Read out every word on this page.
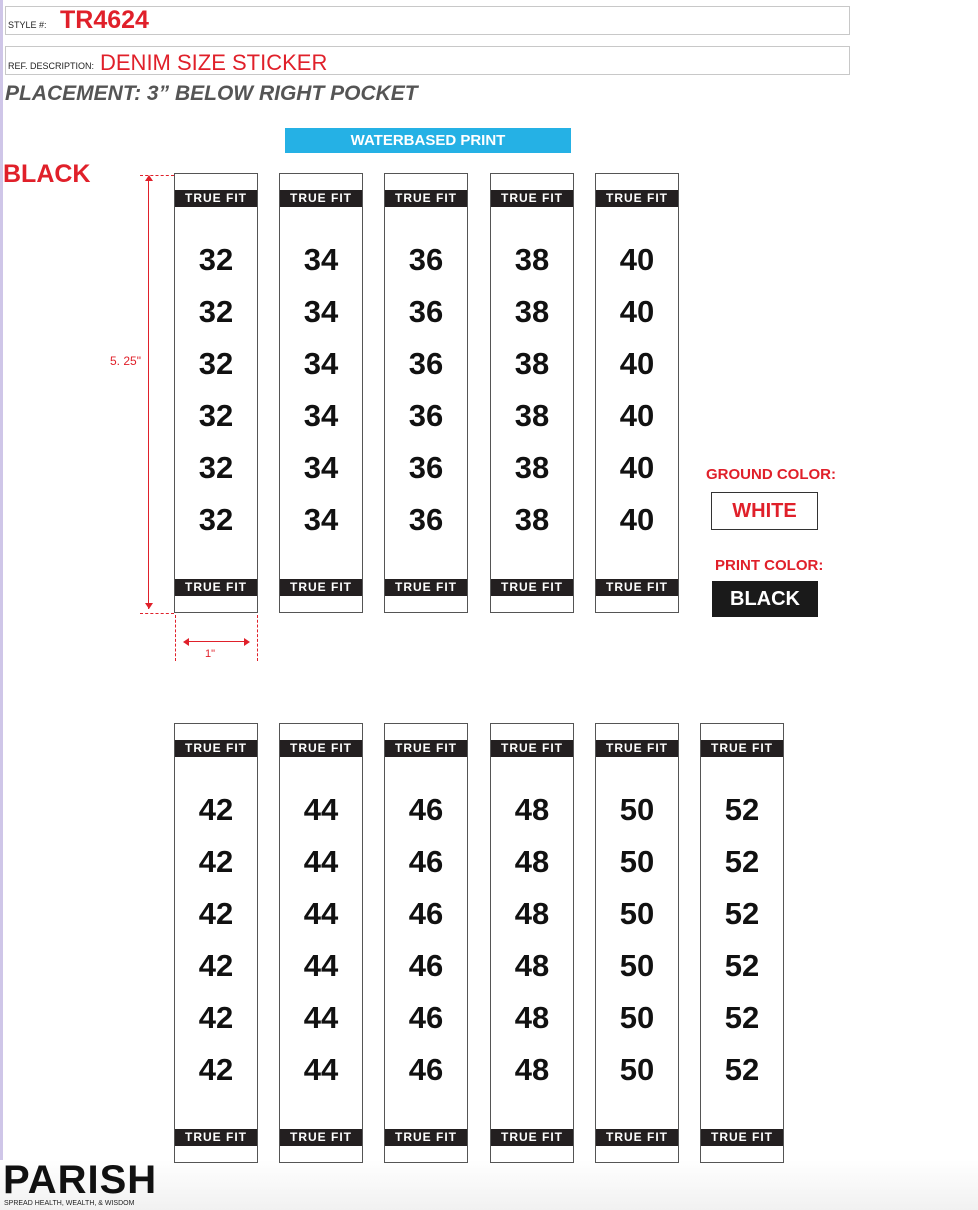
STYLE #: TR4624
REF. DESCRIPTION: DENIM SIZE STICKER
PLACEMENT: 3” BELOW RIGHT POCKET
WATERBASED PRINT
BLACK
5. 25"
1"
TRUE FIT
TRUE FIT
32
32
32
32
32
32
TRUE FIT
TRUE FIT
34
34
34
34
34
34
TRUE FIT
TRUE FIT
36
36
36
36
36
36
TRUE FIT
TRUE FIT
38
38
38
38
38
38
TRUE FIT
TRUE FIT
40
40
40
40
40
40
TRUE FIT
TRUE FIT
42
42
42
42
42
42
TRUE FIT
TRUE FIT
44
44
44
44
44
44
TRUE FIT
TRUE FIT
46
46
46
46
46
46
TRUE FIT
TRUE FIT
48
48
48
48
48
48
TRUE FIT
TRUE FIT
50
50
50
50
50
50
TRUE FIT
TRUE FIT
52
52
52
52
52
52
GROUND COLOR:
WHITE
PRINT COLOR:
BLACK
PARISH
SPREAD HEALTH, WEALTH, & WISDOM
